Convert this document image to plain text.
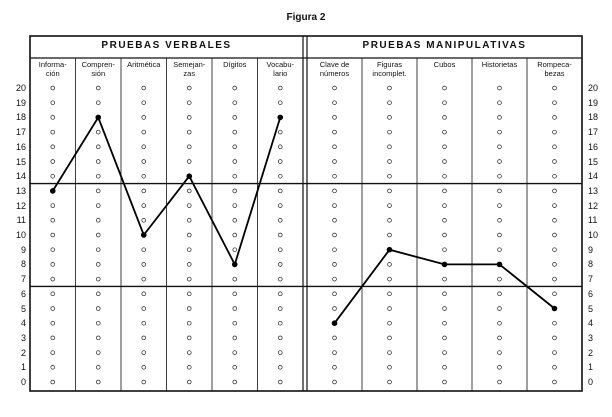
Figura 2
PRUEBAS VERBALES
Informa-
ción
Compren-
sión
Aritmética Semejan-
zas
Dígitos	Vocabu-
lario
PRUEBAS MANIPULATIVAS
Clave de
números
Figuras
incomplet.
Cubos	Historietas	Rompeca-
bezas
0	0
1	1
2	2
3	3
4	4
5	5
6	6
7	7
8	8
9	9
10	10
11	11
12	12
13	13
14	14
15	15
16	16
17	17
18	18
19	19
20	20
